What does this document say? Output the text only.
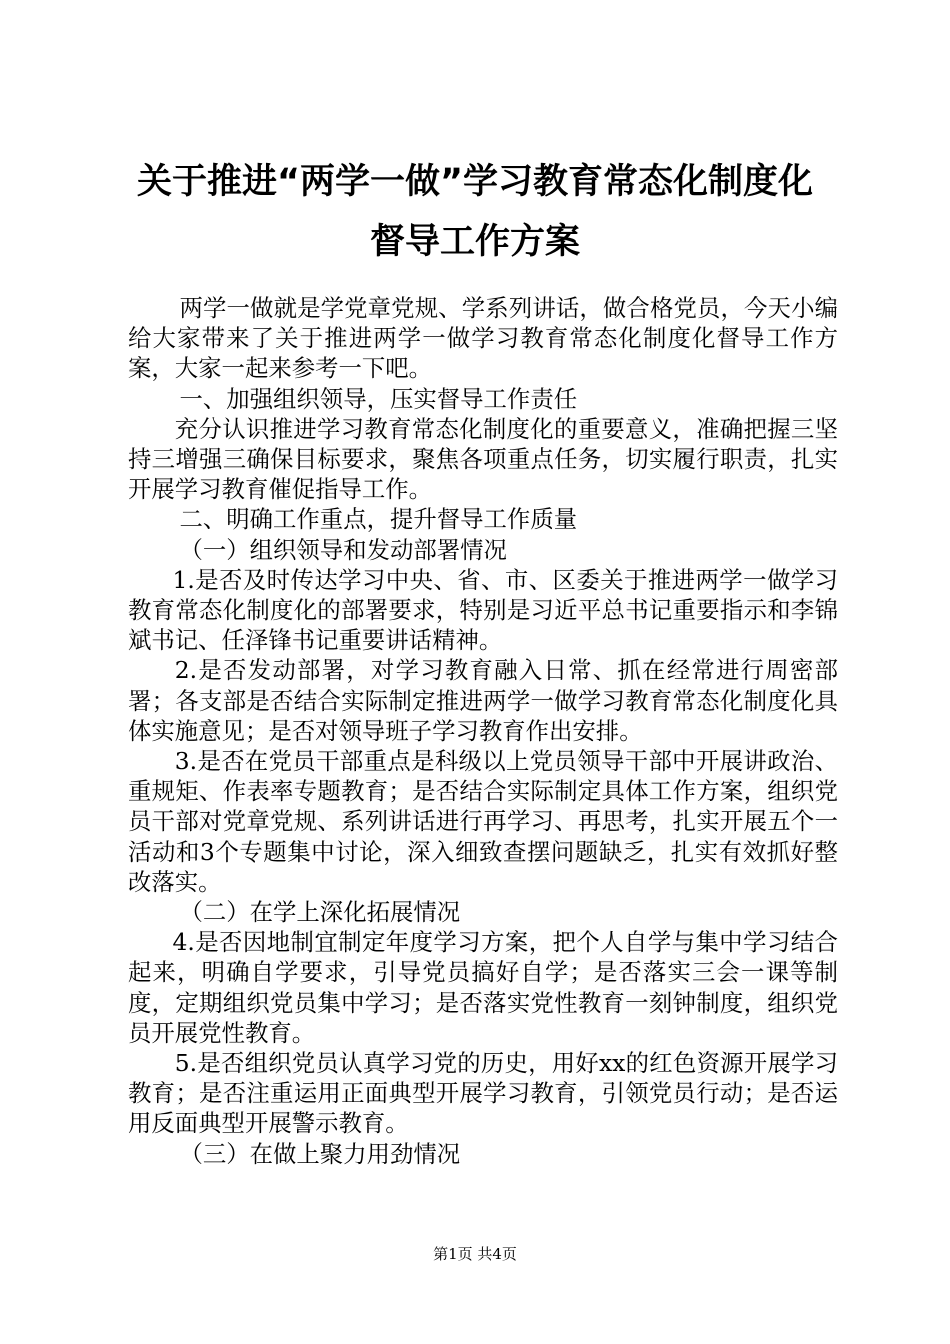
关于推进“两学一做”学习教育常态化制度化
督导工作方案

两学一做就是学党章党规、学系列讲话，做合格党员，今天小编给大家带来了关于推进两学一做学习教育常态化制度化督导工作方案，大家一起来参考一下吧。

一、加强组织领导，压实督导工作责任

充分认识推进学习教育常态化制度化的重要意义，准确把握三坚持三增强三确保目标要求，聚焦各项重点任务，切实履行职责，扎实开展学习教育催促指导工作。

二、明确工作重点，提升督导工作质量

（一）组织领导和发动部署情况

1.是否及时传达学习中央、省、市、区委关于推进两学一做学习教育常态化制度化的部署要求，特别是习近平总书记重要指示和李锦斌书记、任泽锋书记重要讲话精神。

2.是否发动部署，对学习教育融入日常、抓在经常进行周密部署；各支部是否结合实际制定推进两学一做学习教育常态化制度化具体实施意见；是否对领导班子学习教育作出安排。

3.是否在党员干部重点是科级以上党员领导干部中开展讲政治、重规矩、作表率专题教育；是否结合实际制定具体工作方案，组织党员干部对党章党规、系列讲话进行再学习、再思考，扎实开展五个一活动和3个专题集中讨论，深入细致查摆问题缺乏，扎实有效抓好整改落实。

（二）在学上深化拓展情况

4.是否因地制宜制定年度学习方案，把个人自学与集中学习结合起来，明确自学要求，引导党员搞好自学；是否落实三会一课等制度，定期组织党员集中学习；是否落实党性教育一刻钟制度，组织党员开展党性教育。

5.是否组织党员认真学习党的历史，用好xx的红色资源开展学习教育；是否注重运用正面典型开展学习教育，引领党员行动；是否运用反面典型开展警示教育。

（三）在做上聚力用劲情况

第1页 共4页
